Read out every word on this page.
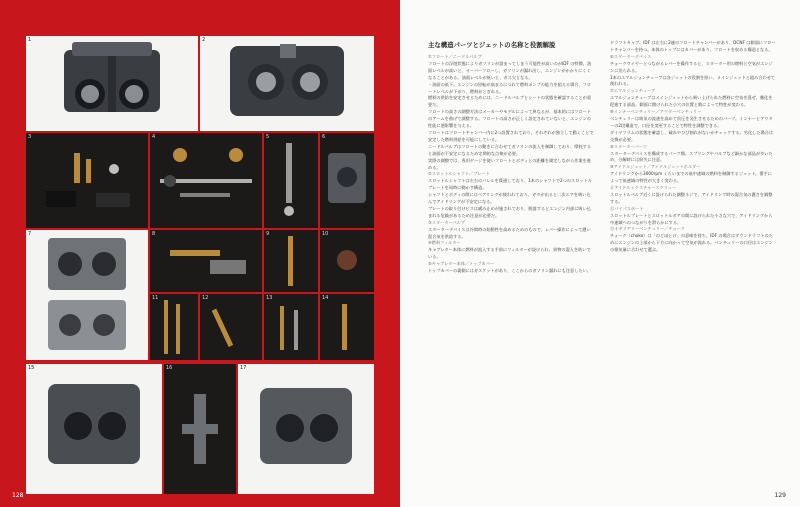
1	2
3	4	5	6
7	8	9	10
11	12	13	14
15	16	17
128
主な構造パーツとジェットの名称と役割解説

①フロート／ニードルバルブ

フロートの浮遊状態によりガソリンが溜まってしまう可能性が高いのがIDF の特徴。油面レベルが高いと、オーバーフローし、ガソリンが漏れ出し、エンジンがかかりにくくなることがある。油面レベルが低いと、ガス欠となる。

・油面の低下。エンジンの回転が高まるにつれて燃料ポンプの能力を超える場合、フロートレベルが下がり、燃料がとぎれる。

燃料の供給を安定させるためには、ニードルバルブとシートの状態を確認することが重要だ。

フロートの高さの調整方法はメーカーやモデルによって異なるが、基本的にはフロートのアームを曲げて調整する。フロートの高さが正しく設定されていないと、エンジンの性能に悪影響を与える。

フロートはフロートチャンバー内に2つ設置されており、それぞれが独立して動くことで安定した燃料供給を可能にしている。

ニードルバルブはフロートの動きに合わせてガソリンの流入を制御しており、摩耗すると油面が不安定になるため定期的な点検が必要。

実際の調整では、専用ゲージを使いフロートとボディとの距離を測定しながら作業を進める。

②スロットルシャフト／プレート

スロットルシャフトは左右のバレルを貫通しており、1本のシャフトで2つのスロットルプレートを同時に動かす構造。

シャフトとボディの間にはベアリングが使われており、ガタが出ると二次エアを吸い込んでアイドリングが不安定になる。

プレートの取り付けビスは緩み止めが施されており、脱落するとエンジン内部に吸い込まれる危険があるため注意が必要だ。

③スターターバルブ

スターターデバイスは冷間時の始動性を高めるためのもので、レバー操作によって濃い混合気を供給する。

④燃料フィルター

キャブレター本体に燃料が流入する手前にフィルターが設けられ、異物の混入を防いでいる。

⑤キャブレター本体／トップカバー

トップカバーの裏側にはガスケットがあり、ここからのガソリン漏れにも注意したい。

ドラフトキャブ。IDF は左右に2連のフロートチャンバーがあり、DCNF は側面にフロートチャンバーを持つ。本体のトップにはカバーがあり、フロートを収める構造となる。

⑥スターターデバイス

チョークワイヤーとつながるレバーを操作すると、スターター用の燃料と空気がエンジンに送られる。

1本のエマルジョンチューブは各ジェットの役割を担い、メインジェットと組み合わせて使われる。

⑦エマルジョンチューブ

エマルジョンチューブはメインジェットから吸い上げられた燃料に空気を混ぜ、霧化を促進する部品。側面に開けられた小穴の位置と数によって特性が変わる。

⑧インナーベンチュリー／アウターベンチュリー

ベンチュリーは吸気の流速を高めて負圧を発生させるためのパーツ。インナーとアウターの2段構造で、口径を変更することで特性を調整できる。

ダイヤフラムの状態を確認し、破れやひび割れがないかチェックする。劣化した場合は交換が必要。

⑨スターターパーツ

スターターデバイスを構成するパーツ類。スプリングやバルブなど細かな部品が多いため、分解時には紛失に注意。

⑩アイドルジェット／アイドルジェットホルダー

アイドリングから3000rpm くらいまでの低中速域の燃料を制御するジェット。番手によって低速域の特性が大きく変わる。

⑪アイドルミクスチャースクリュー

スロットルバルブ近くに設けられた調整ネジで、アイドリング時の混合気の濃さを調整する。

⑫バイパスポート

スロットルプレートとスロットルボアの間に設けられた小さな穴で、アイドリングから中速域へのつながりを滑らかにする。

⑬オギリアリーベンチュリー／チョーク

チョーク（choke）は「のどぼとけ」の意味を持ち、IDF の場合はダウンドラフトのためにエンジンの上部から下方に向かって空気が流れる。ベンチュリーの口径はエンジンの排気量に合わせて選ぶ。

129
